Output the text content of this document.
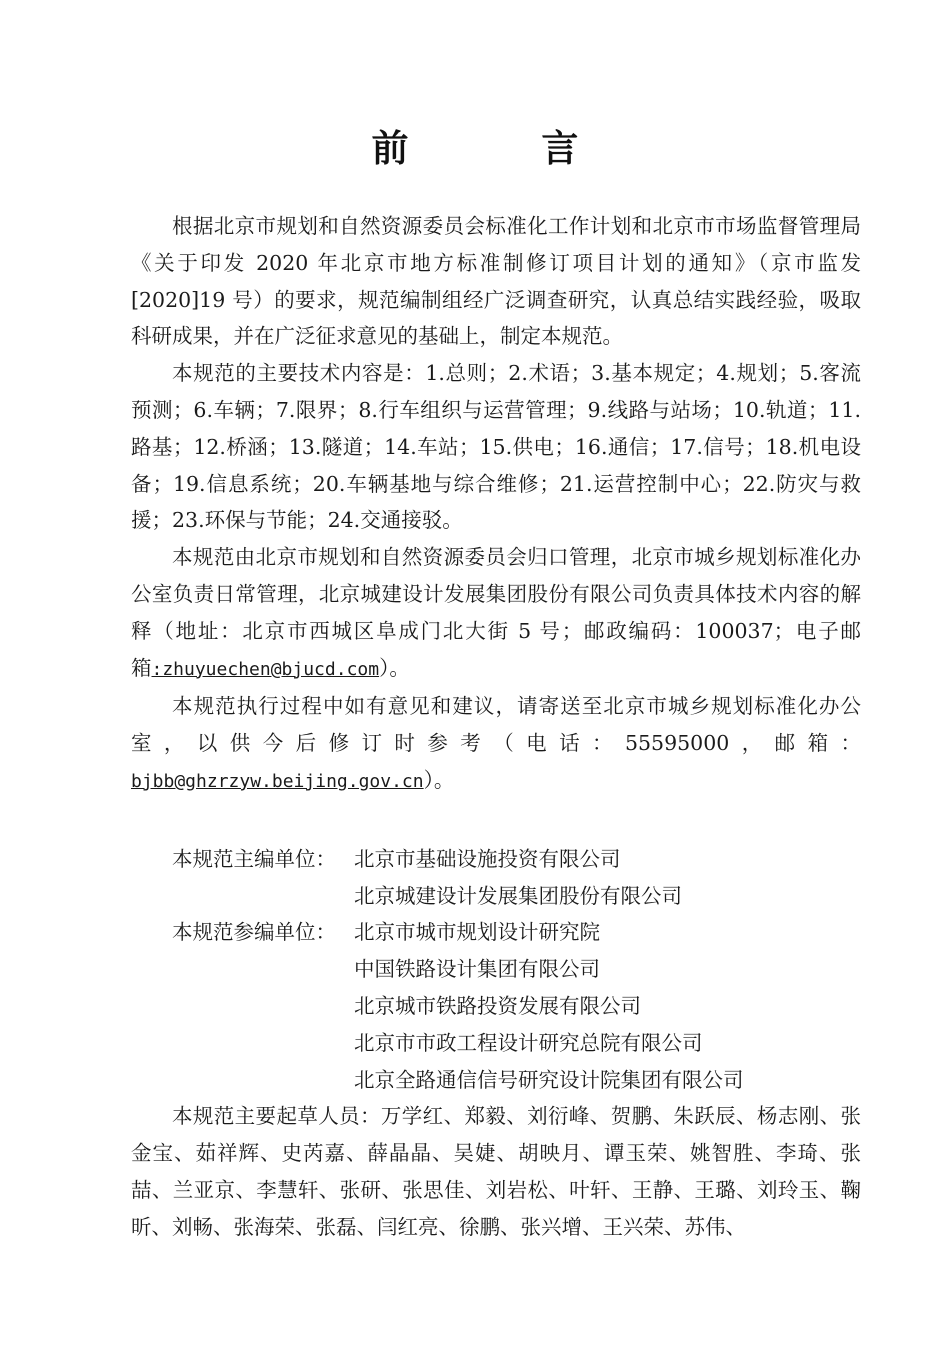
前 言

根据北京市规划和自然资源委员会标准化工作计划和北京市市场监督管理局《关于印发 2020 年北京市地方标准制修订项目计划的通知》（京市监发[2020]19 号）的要求，规范编制组经广泛调查研究，认真总结实践经验，吸取科研成果，并在广泛征求意见的基础上，制定本规范。

本规范的主要技术内容是：1.总则；2.术语；3.基本规定；4.规划；5.客流预测；6.车辆；7.限界；8.行车组织与运营管理；9.线路与站场；10.轨道；11.路基；12.桥涵；13.隧道；14.车站；15.供电；16.通信；17.信号；18.机电设备；19.信息系统；20.车辆基地与综合维修；21.运营控制中心；22.防灾与救援；23.环保与节能；24.交通接驳。

本规范由北京市规划和自然资源委员会归口管理，北京市城乡规划标准化办公室负责日常管理，北京城建设计发展集团股份有限公司负责具体技术内容的解释（地址：北京市西城区阜成门北大街 5 号；邮政编码：100037；电子邮箱:zhuyuechen@bjucd.com）。

本规范执行过程中如有意见和建议，请寄送至北京市城乡规划标准化办公室，以供今后修订时参考（电话：55595000，邮箱：bjbb@ghzrzyw.beijing.gov.cn）。

本规范主编单位： 北京市基础设施投资有限公司
北京城建设计发展集团股份有限公司
本规范参编单位： 北京市城市规划设计研究院
中国铁路设计集团有限公司
北京城市铁路投资发展有限公司
北京市市政工程设计研究总院有限公司
北京全路通信信号研究设计院集团有限公司

本规范主要起草人员：万学红、郑毅、刘衍峰、贺鹏、朱跃辰、杨志刚、张金宝、茹祥辉、史芮嘉、薛晶晶、吴婕、胡映月、谭玉荣、姚智胜、李琦、张喆、兰亚京、李慧轩、张研、张思佳、刘岩松、叶轩、王静、王璐、刘玲玉、鞠昕、刘畅、张海荣、张磊、闫红亮、徐鹏、张兴增、王兴荣、苏伟、
